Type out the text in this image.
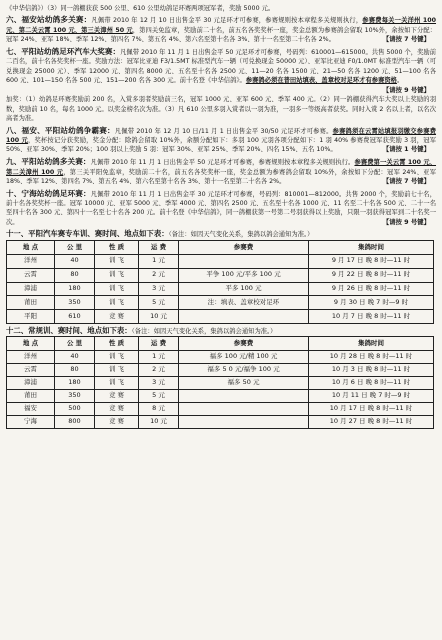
《中华信鸽》）（3）同一鸽棚获获 500 公里、610 公里幼鸽足环赛两项冠军者，奖励 5000 元。

六、福安站幼鸽多关赛：凡佩带 2010 年 12 月 10 日出售金平 30 元足环才可参赛，参赛规则按本章程多关规则执行，参赛费每关一关洋州 100 元、第二关云霄 100 元、第三关漳州 50 元，第四关免监章，奖励前二十名，前五名各奖奖杯一座，奖金总额为参赛鸽会留取 10%外，余按如下分配：冠军 24%、亚军 18%、季军 12%、第四名 7%、第五名 4%、第六名至第十名各 3%、第十一名至第二十名各 2%。	【请按 7 号键】

七、平阳站幼鸽足环汽车大奖赛：凡佩带 2010 年 11 月 1 日出售金平 50 元足环才可参赛，号码列：610001—615000。共售 5000 个，奖励前二百名，前十名各奖奖杯一座。奖励方法：冠军比亚迪 F3/1.5MT 标准型汽车一辆（可兑换现金 50000 元）、亚军比亚迪 F0/1.0MT 标准型汽车一辆（可兑换现金 25000 元）、季军 12000 元、第四名 8000 元、五名至十名各 2500 元、11—20 名各 1500 元、21—50 名各 1200 元、51—100 名各 600 元、101—150 名各 500 元、151—200 名各 300 元。前十名登《中华信鸽》。参赛鸽必须在普田站填表、盖章校对足环才有参赛资格。
【请按 9 号键】

加奖：（1）幼鸽足环赛奖励前 200 名，入赏多羽者奖励前三名，冠军 1000 元、亚军 600 元、季军 400 元。（2）同一鸽棚获得汽车大奖以上奖励的羽数，奖励前 10 名，每名 1000 元。以奖金榜名次为准。（3）凡 610 公里多羽入赏者以一羽为准，一羽多一等级高者获奖。同时入赏 2 名以上者，以名次高者为准。

八、福安、平阳站幼鸽争霸赛：凡佩带 2010 年 12 月 10 日/11 月 1 日出售金平 30/50 元足环才可参赛。参赛鸽须在云霄站填报羽缴交参赛费 100 元，奖杯按记分获奖励，奖金分配：除鸽会留取 10%外，余额分配如下：多羽 100 元羽各项分配如下：1 羽 40% 参赛费冠军获奖励 3 羽，冠军 50%、亚军 30%、季军 20%；100 羽以上奖励 5 羽：冠军 30%、亚军 25%、季军 20%、四名 15%、五名 10%。	【请按 1 号键】

九、平阳站幼鸽多关赛：凡佩带 2010 年 11 月 1 日出售金平 50 元足环才可参赛，参赛规则按本章程多关规则执行。参赛费第一关云霄 100 元、第二关漳州 100 元，第三关平阳免监章，奖励前二十名，前五名各奖奖杯一座，奖金总额为参赛鸽会留取 10%外，余按如下分配：冠军 24%、亚军 18%、季军 12%、第四名 7%、第五名 4%、第六名至第十名各 3%、第十一名至第二十名各 2%。	【请按 7 号键】

十、宁海站幼鸽足环赛：凡佩带 2010 年 11 月 1 日出售金平 30 元足环才可参赛，号码列：810001—812000。共售 2000 个，奖励前七十名，前十名各奖奖杯一座。冠军 10000 元、亚军 5000 元、季军 4000 元、第四名 2500 元、五名至十名各 1000 元、11 名至二十名各 500 元、二十一名至四十名各 300 元、第四十一名至七十名各 200 元。前十名登《中华信鸽》，同一鸽棚获第一号第二号羽获得以上奖励，只限一羽获得冠军到二十名奖一次。	【请按 9 号键】

十一、平阳汽车赛专车训、赛时间、地点如下表：（备注：如因天气变化关系，集鸽以鸽会通知为准。）
地 点	公 里	性 质	运 费	参赛费	集鸽时间
洋州	40	训 飞	1 元		9 月 17 日 晚 8 时—11 时
云霄	80	训 飞	2 元	平争 100 元/平多 100 元	9 月 22 日 晚 8 时—11 时
漳浦	180	训 飞	3 元	平多 100 元	9 月 26 日 晚 8 时—11 时
莆田	350	训 飞	5 元	注：填表、盖章校对足环	9 月 30 日 晚 7 时—9 时
平阳	610	竞 赛	10 元		10 月 7 日 晚 8 时—11 时
十二、常规训、赛时间、地点如下表：（备注：如因天气变化关系，集鸽以鸽会通知为准。）
地 点	公 里	性 质	运 费	参赛费	集鸽时间
洋州	40	训 飞	1 元	福多 100 元/精 100 元	10 月 28 日 晚 8 时—11 时
云霄	80	训 飞	2 元	福多 5 0 元/福争 100 元	10 月 3 日 晚 8 时—11 时
漳浦	180	训 飞	3 元	福多 50 元	10 月 6 日 晚 8 时—11 时
莆田	350	竞 赛	5 元		10 月 11 日 晚 7 时—9 时
福安	500	竞 赛	8 元		10 月 17 日 晚 8 时—11 时
宁海	800	竞 赛	10 元		10 月 27 日 晚 8 时—11 时
